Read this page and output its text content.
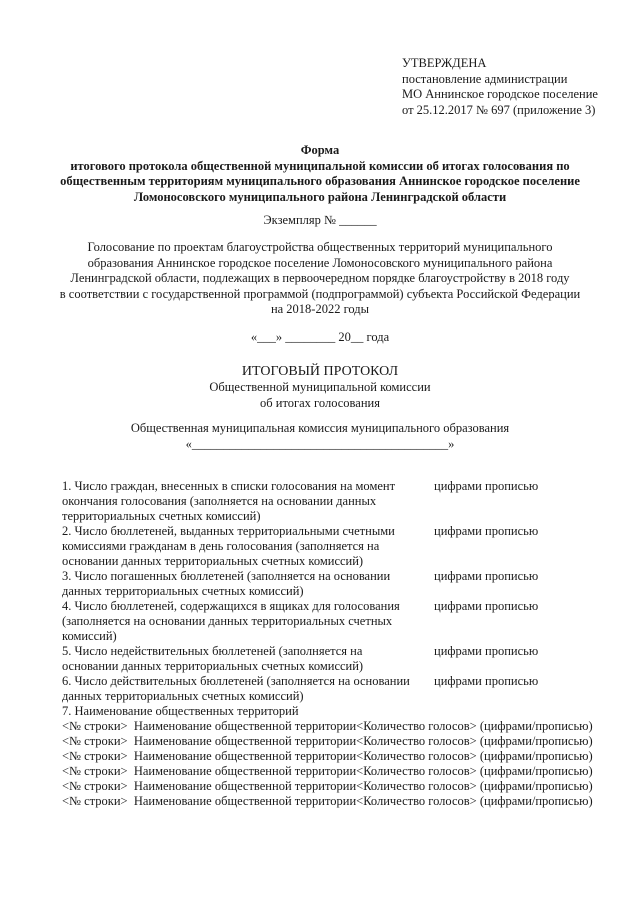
УТВЕРЖДЕНА
постановление администрации
МО Аннинское городское поселение
от 25.12.2017 № 697 (приложение 3)
Форма
итогового протокола общественной муниципальной комиссии об итогах голосования по
общественным территориям муниципального образования Аннинское городское поселение
Ломоносовского муниципального района Ленинградской области
Экземпляр № ______
Голосование по проектам благоустройства общественных территорий муниципального
образования Аннинское городское поселение Ломоносовского муниципального района
Ленинградской области, подлежащих в первоочередном порядке благоустройству в 2018 году
в соответствии с государственной программой (подпрограммой) субъекта Российской Федерации
на 2018-2022 годы
«___» ________ 20__ года
ИТОГОВЫЙ ПРОТОКОЛ
Общественной муниципальной комиссии
об итогах голосования
Общественная муниципальная комиссия муниципального образования
«_________________________________________»
1. Число граждан, внесенных в списки голосования на момент
окончания голосования (заполняется на основании данных
территориальных счетных комиссий)
цифрами прописью
2. Число бюллетеней, выданных территориальными счетными
комиссиями гражданам в день голосования (заполняется на
основании данных территориальных счетных комиссий)
цифрами прописью
3. Число погашенных бюллетеней (заполняется на основании
данных территориальных счетных комиссий)
цифрами прописью
4. Число бюллетеней, содержащихся в ящиках для голосования
(заполняется на основании данных территориальных счетных
комиссий)
цифрами прописью
5. Число недействительных бюллетеней (заполняется на
основании данных территориальных счетных комиссий)
цифрами прописью
6. Число действительных бюллетеней (заполняется на основании
данных территориальных счетных комиссий)
цифрами прописью
7. Наименование общественных территорий
<№ строки> Наименование общественной территории<Количество голосов> (цифрами/прописью)
<№ строки> Наименование общественной территории<Количество голосов> (цифрами/прописью)
<№ строки> Наименование общественной территории<Количество голосов> (цифрами/прописью)
<№ строки> Наименование общественной территории<Количество голосов> (цифрами/прописью)
<№ строки> Наименование общественной территории<Количество голосов> (цифрами/прописью)
<№ строки> Наименование общественной территории<Количество голосов> (цифрами/прописью)
